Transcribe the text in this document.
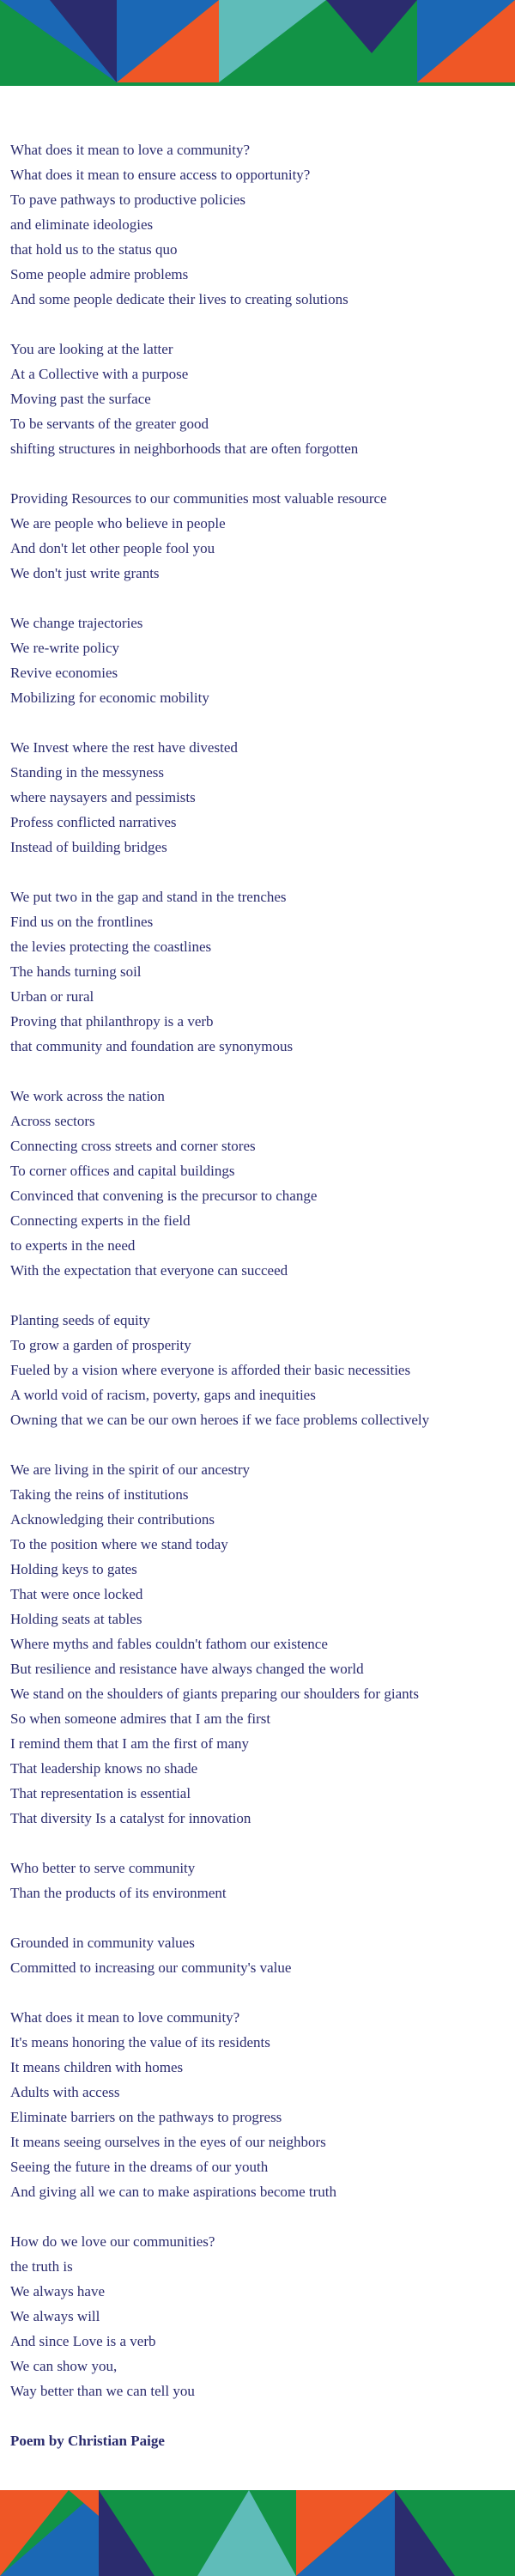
What does it mean to love a community?
What does it mean to ensure access to opportunity?
To pave pathways to productive policies
and eliminate ideologies
that hold us to the status quo
Some people admire problems
And some people dedicate their lives to creating solutions
You are looking at the latter
At a Collective with a purpose
Moving past the surface
To be servants of the greater good
shifting structures in neighborhoods that are often forgotten
Providing Resources to our communities most valuable resource
We are people who believe in people
And don't let other people fool you
We don't just write grants
We change trajectories
We re-write policy
Revive economies
Mobilizing for economic mobility
We Invest where the rest have divested
Standing in the messyness
where naysayers and pessimists
Profess conflicted narratives
Instead of building bridges
We put two in the gap and stand in the trenches
Find us on the frontlines
the levies protecting the coastlines
The hands turning soil
Urban or rural
Proving that philanthropy is a verb
that community and foundation are synonymous
We work across the nation
Across sectors
Connecting cross streets and corner stores
To corner offices and capital buildings
Convinced that convening is the precursor to change
Connecting experts in the field
to experts in the need
With the expectation that everyone can succeed
Planting seeds of equity
To grow a garden of prosperity
Fueled by a vision where everyone is afforded their basic necessities
A world void of racism, poverty, gaps and inequities
Owning that we can be our own heroes if we face problems collectively
We are living in the spirit of our ancestry
Taking the reins of institutions
Acknowledging their contributions
To the position where we stand today
Holding keys to gates
That were once locked
Holding seats at tables
Where myths and fables couldn't fathom our existence
But resilience and resistance have always changed the world
We stand on the shoulders of giants preparing our shoulders for giants
So when someone admires that I am the first
I remind them that I am the first of many
That leadership knows no shade
That representation is essential
That diversity Is a catalyst for innovation
Who better to serve community
Than the products of its environment
Grounded in community values
Committed to increasing our community's value
What does it mean to love community?
It's means honoring the value of its residents
It means children with homes
Adults with access
Eliminate barriers on the pathways to progress
It means seeing ourselves in the eyes of our neighbors
Seeing the future in the dreams of our youth
And giving all we can to make aspirations become truth
How do we love our communities?
the truth is
We always have
We always will
And since Love is a verb
We can show you,
Way better than we can tell you
Poem by Christian Paige
